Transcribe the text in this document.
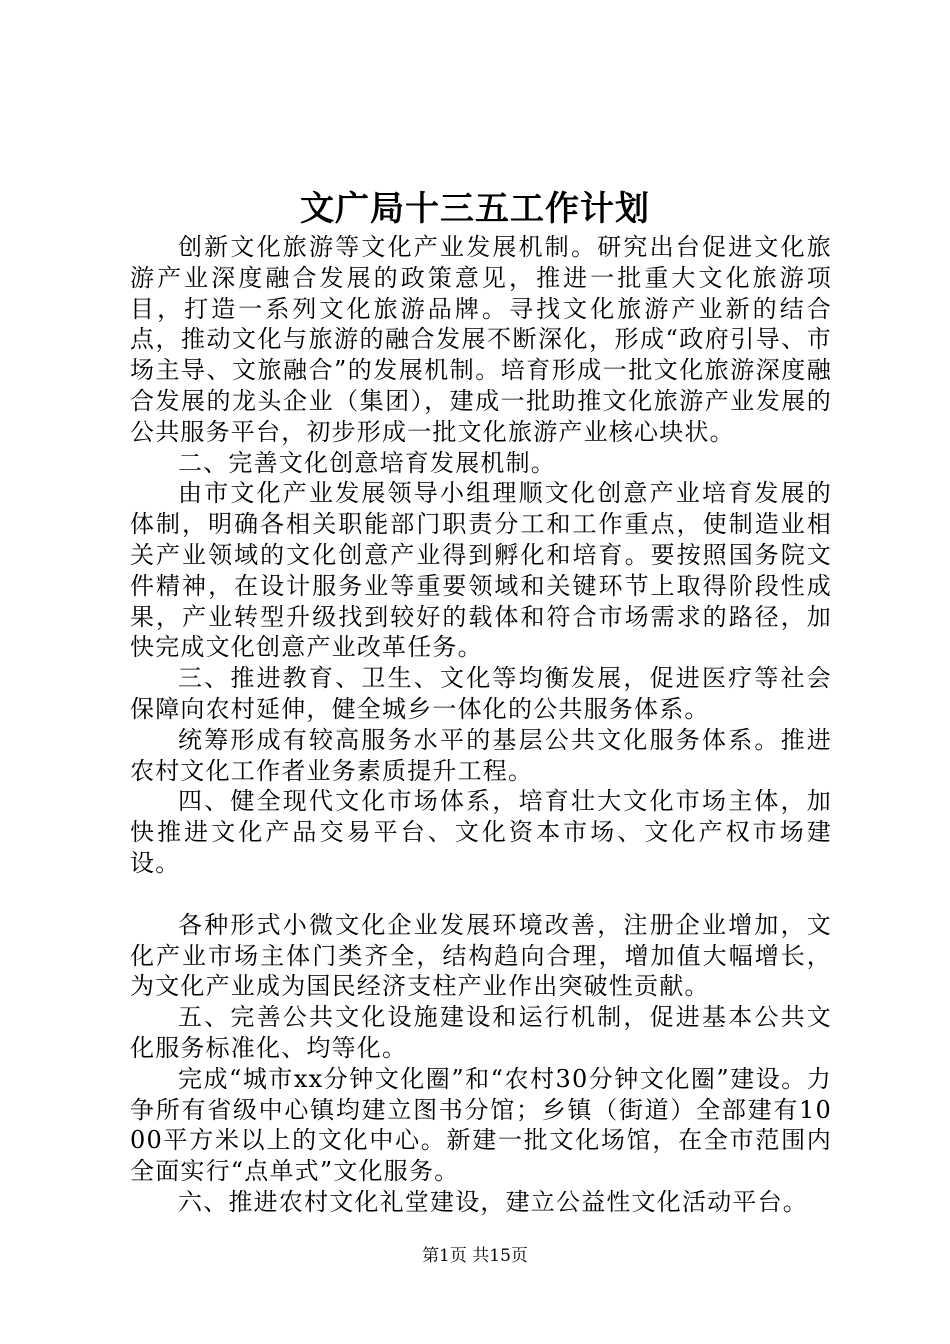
文广局十三五工作计划

创新文化旅游等文化产业发展机制。研究出台促进文化旅游产业深度融合发展的政策意见，推进一批重大文化旅游项目，打造一系列文化旅游品牌。寻找文化旅游产业新的结合点，推动文化与旅游的融合发展不断深化，形成“政府引导、市场主导、文旅融合”的发展机制。培育形成一批文化旅游深度融合发展的龙头企业（集团），建成一批助推文化旅游产业发展的公共服务平台，初步形成一批文化旅游产业核心块状。

二、完善文化创意培育发展机制。

由市文化产业发展领导小组理顺文化创意产业培育发展的体制，明确各相关职能部门职责分工和工作重点，使制造业相关产业领域的文化创意产业得到孵化和培育。要按照国务院文件精神，在设计服务业等重要领域和关键环节上取得阶段性成果，产业转型升级找到较好的载体和符合市场需求的路径，加快完成文化创意产业改革任务。

三、推进教育、卫生、文化等均衡发展，促进医疗等社会保障向农村延伸，健全城乡一体化的公共服务体系。

统筹形成有较高服务水平的基层公共文化服务体系。推进农村文化工作者业务素质提升工程。

四、健全现代文化市场体系，培育壮大文化市场主体，加快推进文化产品交易平台、文化资本市场、文化产权市场建设。

各种形式小微文化企业发展环境改善，注册企业增加，文化产业市场主体门类齐全，结构趋向合理，增加值大幅增长，为文化产业成为国民经济支柱产业作出突破性贡献。

五、完善公共文化设施建设和运行机制，促进基本公共文化服务标准化、均等化。

完成“城市xx分钟文化圈”和“农村30分钟文化圈”建设。力争所有省级中心镇均建立图书分馆；乡镇（街道）全部建有1000平方米以上的文化中心。新建一批文化场馆，在全市范围内全面实行“点单式”文化服务。

六、推进农村文化礼堂建设，建立公益性文化活动平台。

第1页 共15页
